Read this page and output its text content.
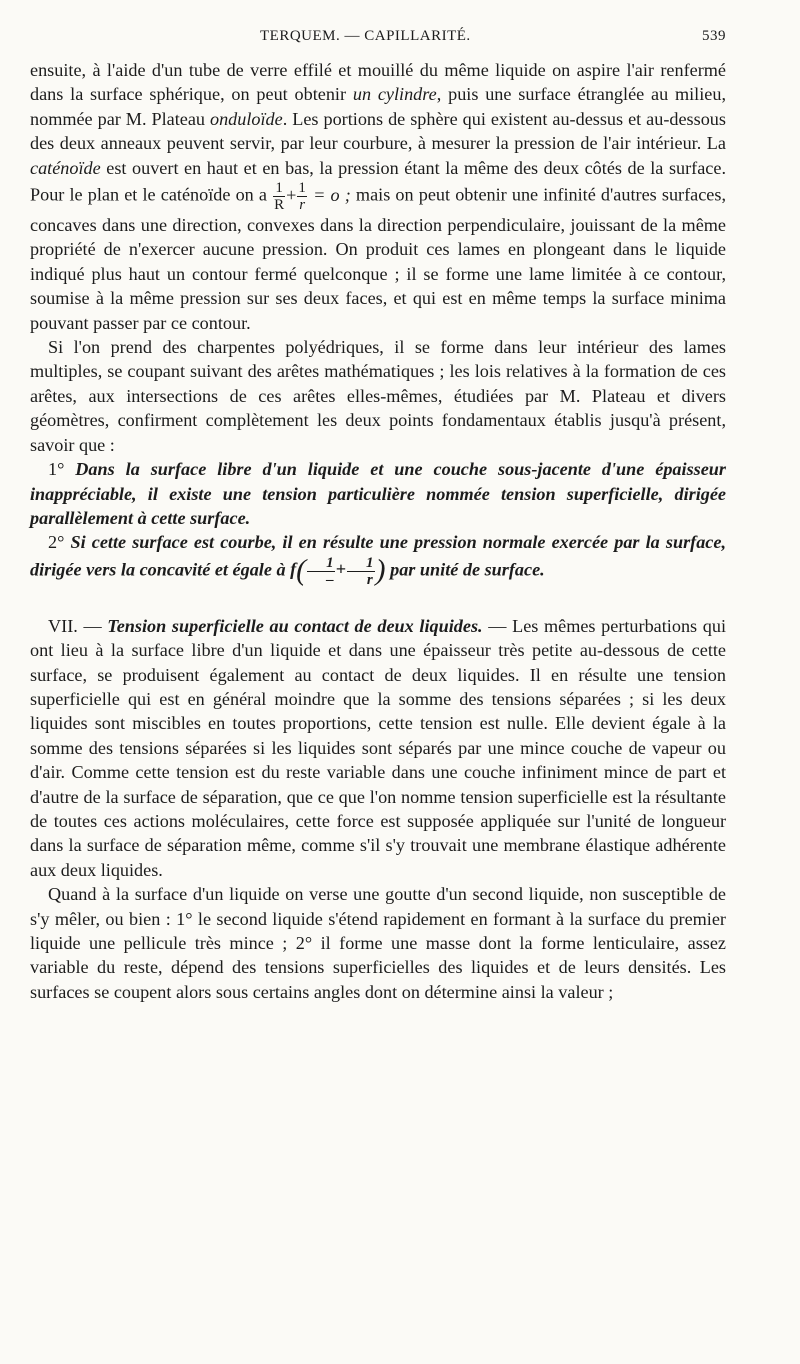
TERQUEM. — CAPILLARITÉ.	539

ensuite, à l'aide d'un tube de verre effilé et mouillé du même liquide on aspire l'air renfermé dans la surface sphérique, on peut obtenir un cylindre, puis une surface étranglée au milieu, nommée par M. Plateau onduloïde. Les portions de sphère qui existent au-dessus et au-dessous des deux anneaux peuvent servir, par leur courbure, à mesurer la pression de l'air intérieur. La caténoïde est ouvert en haut et en bas, la pression étant la même des deux côtés de la surface. Pour le plan et le caténoïde on a $\frac{1}{R} + \frac{1}{r} = o$ ; mais on peut obtenir une infinité d'autres surfaces, concaves dans une direction, convexes dans la direction perpendiculaire, jouissant de la même propriété de n'exercer aucune pression. On produit ces lames en plongeant dans le liquide indiqué plus haut un contour fermé quelconque ; il se forme une lame limitée à ce contour, soumise à la même pression sur ses deux faces, et qui est en même temps la surface minima pouvant passer par ce contour.

Si l'on prend des charpentes polyédriques, il se forme dans leur intérieur des lames multiples, se coupant suivant des arêtes mathématiques ; les lois relatives à la formation de ces arêtes, aux intersections de ces arêtes elles-mêmes, étudiées par M. Plateau et divers géomètres, confirment complètement les deux points fondamentaux établis jusqu'à présent, savoir que :

1° Dans la surface libre d'un liquide et une couche sous-jacente d'une épaisseur inappréciable, il existe une tension particulière nommée tension superficielle, dirigée parallèlement à cette surface.

2° Si cette surface est courbe, il en résulte une pression normale exercée par la surface, dirigée vers la concavité et égale à $f( \frac{1}{-} + \frac{1}{r}$ ) par unité de surface.

VII. — Tension superficielle au contact de deux liquides. — Les mêmes perturbations qui ont lieu à la surface libre d'un liquide et dans une épaisseur très petite au-dessous de cette surface, se produisent également au contact de deux liquides. Il en résulte une tension superficielle qui est en général moindre que la somme des tensions séparées ; si les deux liquides sont miscibles en toutes proportions, cette tension est nulle. Elle devient égale à la somme des tensions séparées si les liquides sont séparés par une mince couche de vapeur ou d'air. Comme cette tension est du reste variable dans une couche infiniment mince de part et d'autre de la surface de séparation, que ce que l'on nomme tension superficielle est la résultante de toutes ces actions moléculaires, cette force est supposée appliquée sur l'unité de longueur dans la surface de séparation même, comme s'il s'y trouvait une membrane élastique adhérente aux deux liquides.

Quand à la surface d'un liquide on verse une goutte d'un second liquide, non susceptible de s'y mêler, ou bien : 1° le second liquide s'étend rapidement en formant à la surface du premier liquide une pellicule très mince ; 2° il forme une masse dont la forme lenticulaire, assez variable du reste, dépend des tensions superficielles des liquides et de leurs densités. Les surfaces se coupent alors sous certains angles dont on détermine ainsi la valeur ;
